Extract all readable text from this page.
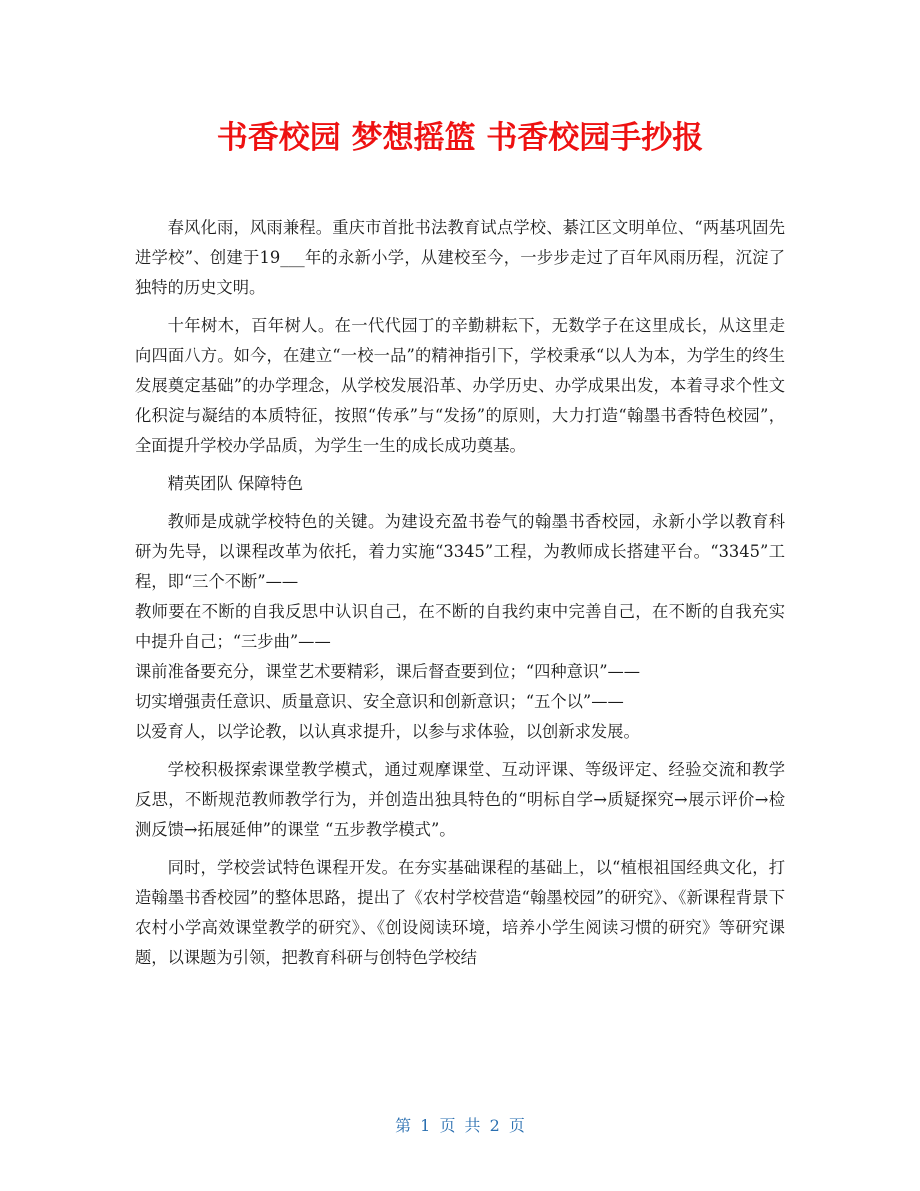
书香校园 梦想摇篮 书香校园手抄报

春风化雨，风雨兼程。重庆市首批书法教育试点学校、綦江区文明单位、“两基巩固先进学校”、创建于19___年的永新小学，从建校至今，一步步走过了百年风雨历程，沉淀了独特的历史文明。

十年树木，百年树人。在一代代园丁的辛勤耕耘下，无数学子在这里成长，从这里走向四面八方。如今，在建立“一校一品”的精神指引下，学校秉承“以人为本，为学生的终生发展奠定基础”的办学理念，从学校发展沿革、办学历史、办学成果出发，本着寻求个性文化积淀与凝结的本质特征，按照“传承”与“发扬”的原则，大力打造“翰墨书香特色校园”，全面提升学校办学品质，为学生一生的成长成功奠基。

精英团队 保障特色

教师是成就学校特色的关键。为建设充盈书卷气的翰墨书香校园，永新小学以教育科研为先导，以课程改革为依托，着力实施“3345”工程，为教师成长搭建平台。“3345”工程，即“三个不断”——

教师要在不断的自我反思中认识自己，在不断的自我约束中完善自己，在不断的自我充实中提升自己；“三步曲”——

课前准备要充分，课堂艺术要精彩，课后督查要到位；“四种意识”——

切实增强责任意识、质量意识、安全意识和创新意识；“五个以”——

以爱育人，以学论教，以认真求提升，以参与求体验，以创新求发展。

学校积极探索课堂教学模式，通过观摩课堂、互动评课、等级评定、经验交流和教学反思，不断规范教师教学行为，并创造出独具特色的“明标自学→质疑探究→展示评价→检测反馈→拓展延伸”的课堂 “五步教学模式”。

同时，学校尝试特色课程开发。在夯实基础课程的基础上，以“植根祖国经典文化，打造翰墨书香校园”的整体思路，提出了《农村学校营造“翰墨校园”的研究》、《新课程背景下农村小学高效课堂教学的研究》、《创设阅读环境，培养小学生阅读习惯的研究》等研究课题，以课题为引领，把教育科研与创特色学校结

第 1 页 共 2 页
